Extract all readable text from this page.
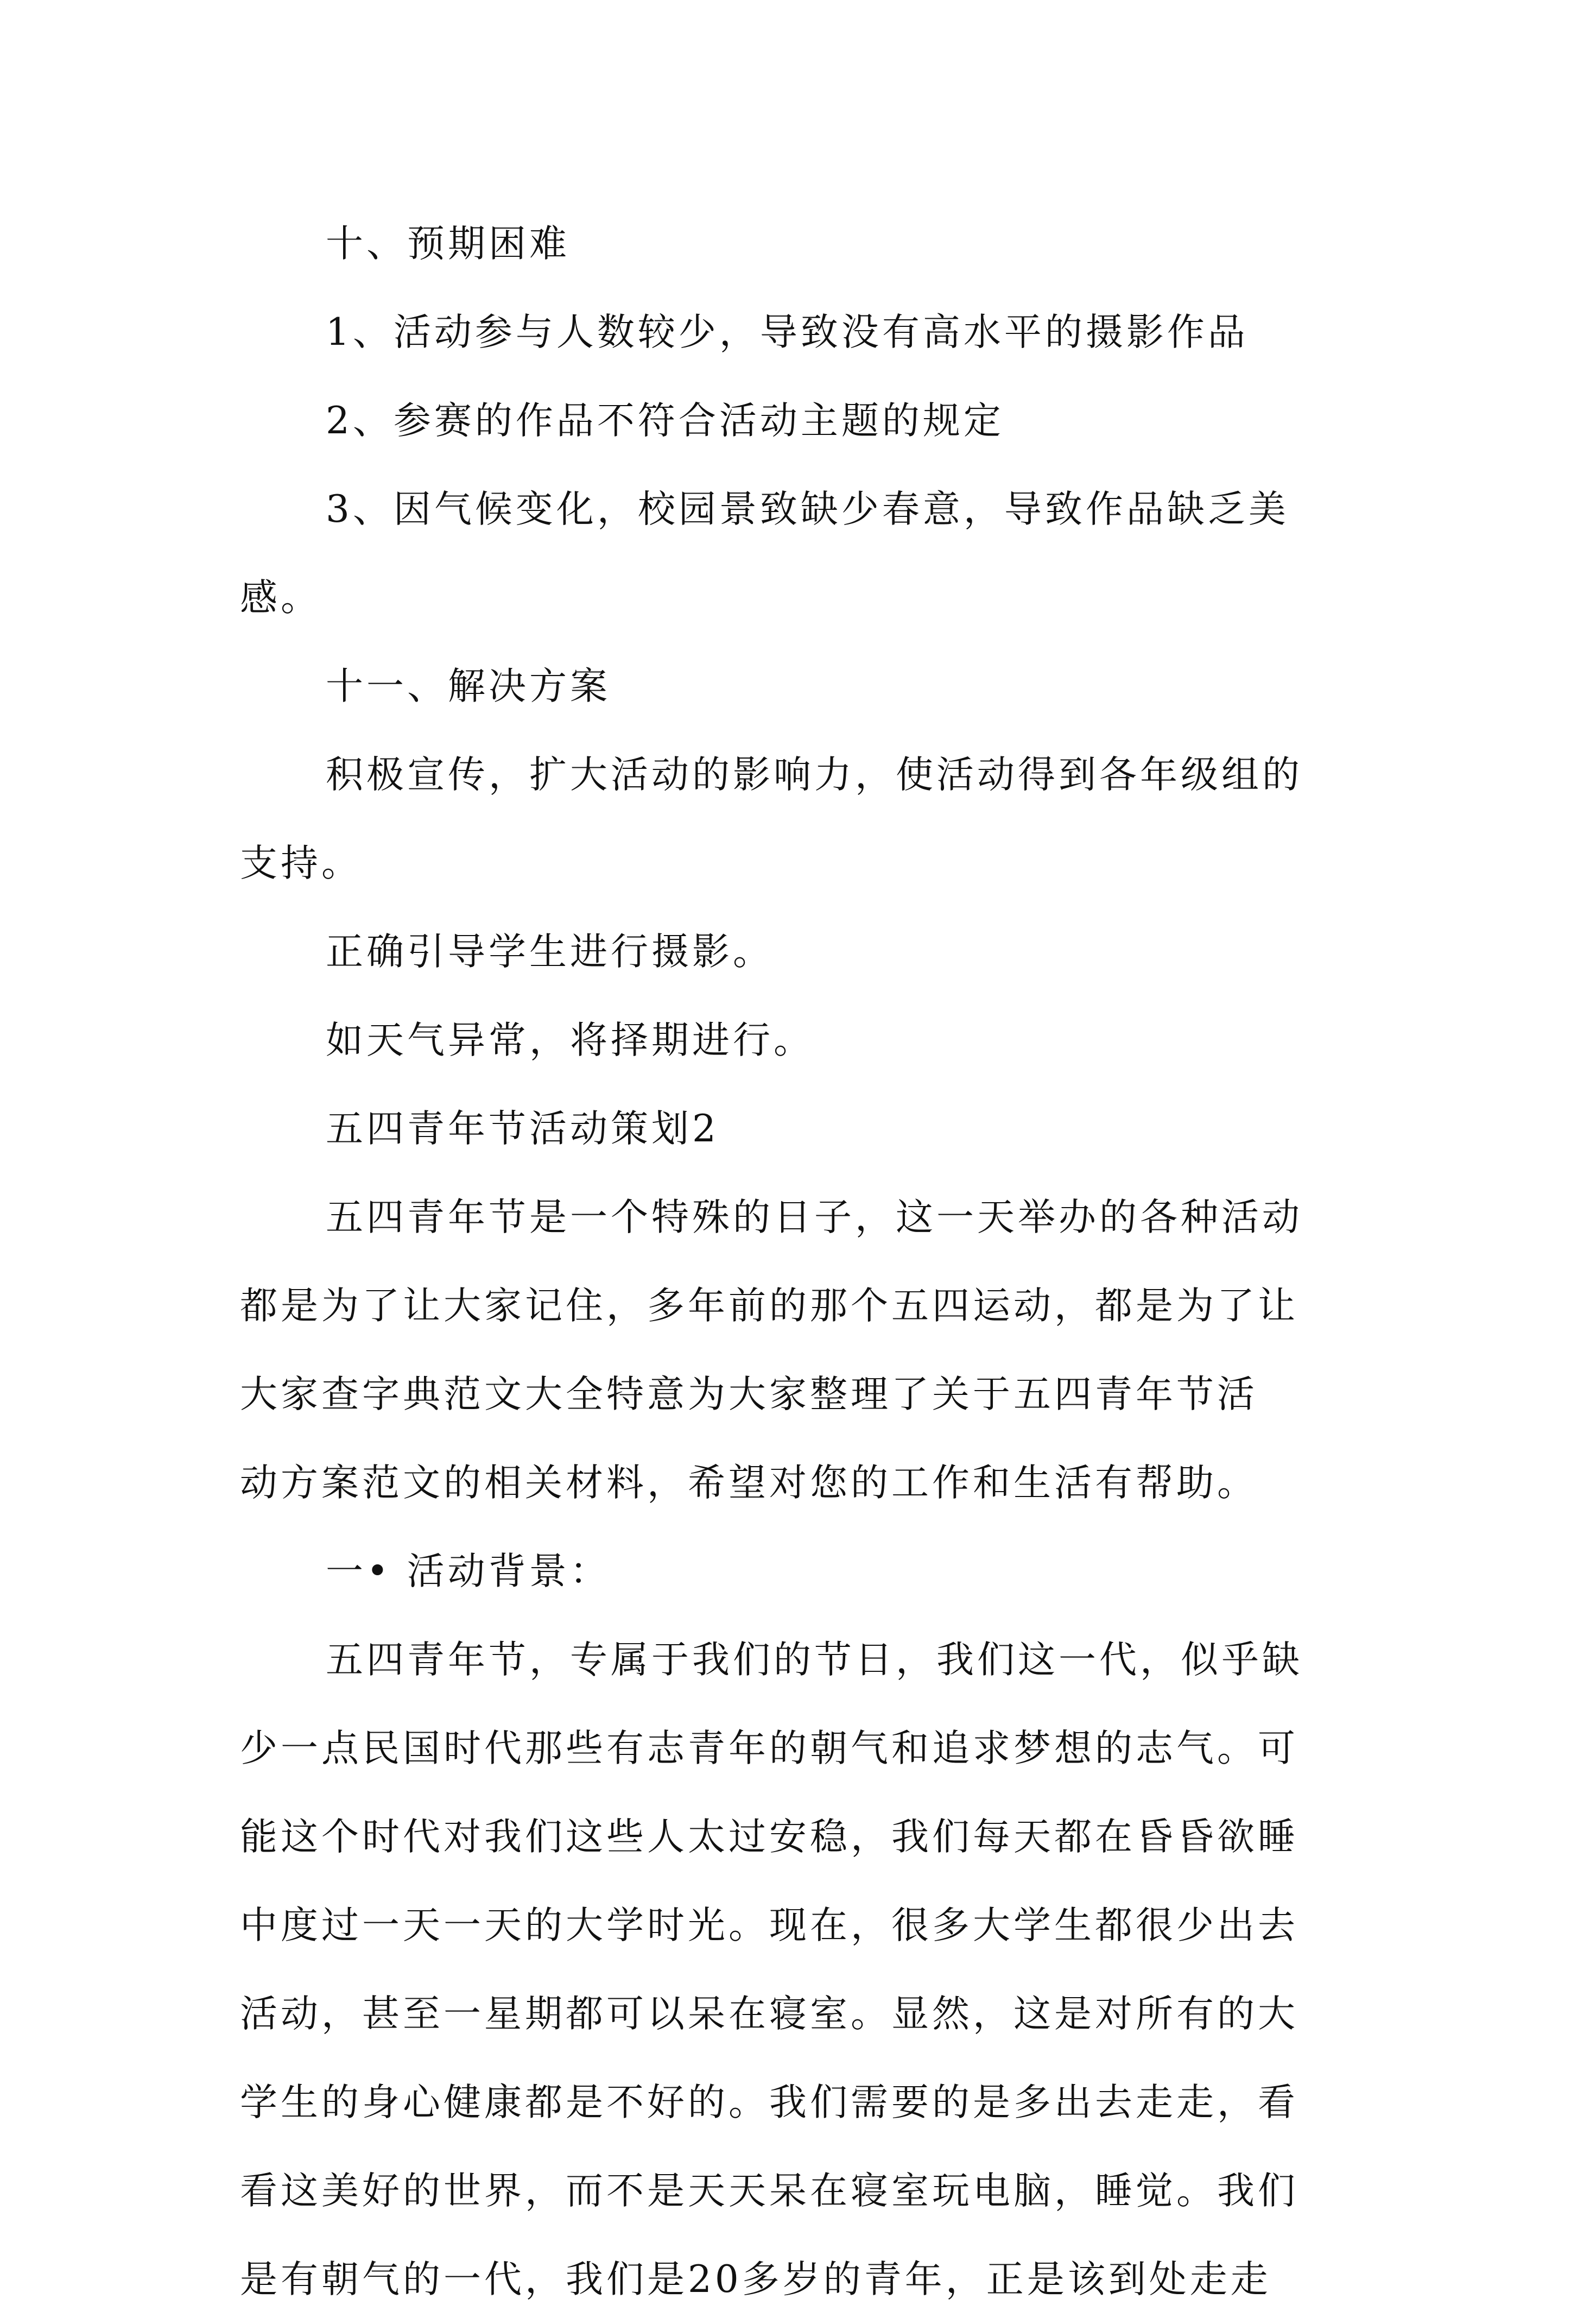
十、预期困难
1、活动参与人数较少，导致没有高水平的摄影作品
2、参赛的作品不符合活动主题的规定
3、因气候变化，校园景致缺少春意，导致作品缺乏美
感。
十一、解决方案
积极宣传，扩大活动的影响力，使活动得到各年级组的
支持。
正确引导学生进行摄影。
如天气异常，将择期进行。
五四青年节活动策划2
五四青年节是一个特殊的日子，这一天举办的各种活动
都是为了让大家记住，多年前的那个五四运动，都是为了让
大家查字典范文大全特意为大家整理了关于五四青年节活
动方案范文的相关材料，希望对您的工作和生活有帮助。
一• 活动背景：
五四青年节，专属于我们的节日，我们这一代，似乎缺
少一点民国时代那些有志青年的朝气和追求梦想的志气。可
能这个时代对我们这些人太过安稳，我们每天都在昏昏欲睡
中度过一天一天的大学时光。现在，很多大学生都很少出去
活动，甚至一星期都可以呆在寝室。显然，这是对所有的大
学生的身心健康都是不好的。我们需要的是多出去走走，看
看这美好的世界，而不是天天呆在寝室玩电脑，睡觉。我们
是有朝气的一代，我们是20多岁的青年，正是该到处走走
